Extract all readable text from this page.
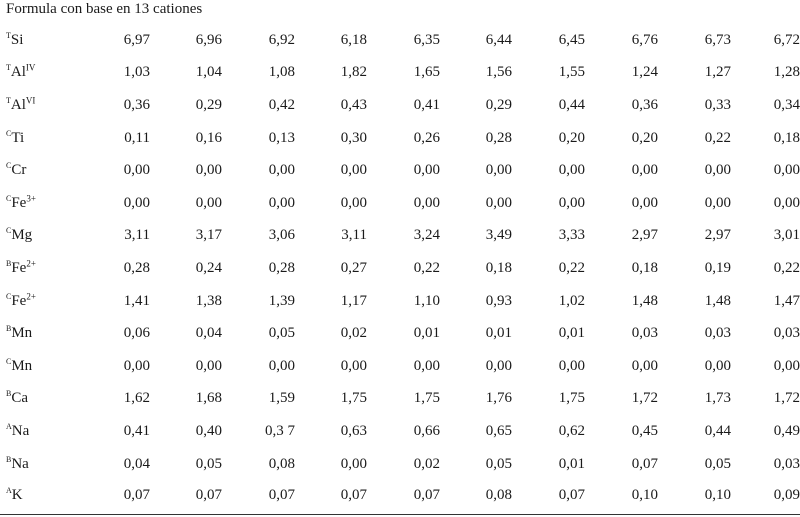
Formula con base en 13 cationes
$^T$Si	6,97	6,96	6,92	6,18	6,35	6,44	6,45	6,76	6,73	6,72
$^TAl^{IV}$	1,03	1,04	1,08	1,82	1,65	1,56	1,55	1,24	1,27	1,28
$^TAl^{VI}$	0,36	0,29	0,42	0,43	0,41	0,29	0,44	0,36	0,33	0,34
$^C$Ti	0,11	0,16	0,13	0,30	0,26	0,28	0,20	0,20	0,22	0,18
$^C$Cr	0,00	0,00	0,00	0,00	0,00	0,00	0,00	0,00	0,00	0,00
$^CFe^{3+}$	0,00	0,00	0,00	0,00	0,00	0,00	0,00	0,00	0,00	0,00
$^C$Mg	3,11	3,17	3,06	3,11	3,24	3,49	3,33	2,97	2,97	3,01
$^BFe^{2+}$	0,28	0,24	0,28	0,27	0,22	0,18	0,22	0,18	0,19	0,22
$^CFe^{2+}$	1,41	1,38	1,39	1,17	1,10	0,93	1,02	1,48	1,48	1,47
$^B$Mn	0,06	0,04	0,05	0,02	0,01	0,01	0,01	0,03	0,03	0,03
$^C$Mn	0,00	0,00	0,00	0,00	0,00	0,00	0,00	0,00	0,00	0,00
$^B$Ca	1,62	1,68	1,59	1,75	1,75	1,76	1,75	1,72	1,73	1,72
$^A$Na	0,41	0,40	0,3 7	0,63	0,66	0,65	0,62	0,45	0,44	0,49
$^B$Na	0,04	0,05	0,08	0,00	0,02	0,05	0,01	0,07	0,05	0,03
$^A$K	0,07	0,07	0,07	0,07	0,07	0,08	0,07	0,10	0,10	0,09
